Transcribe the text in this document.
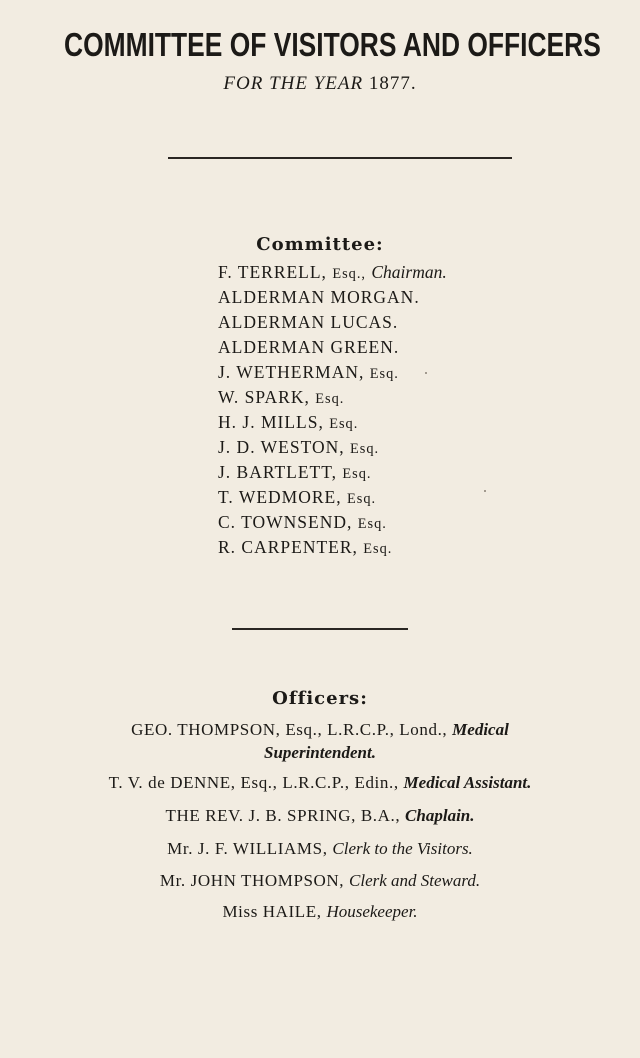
COMMITTEE OF VISITORS AND OFFICERS
FOR THE YEAR 1877.
Committee:
F. TERRELL, Esq., Chairman.
ALDERMAN MORGAN.
ALDERMAN LUCAS.
ALDERMAN GREEN.
J. WETHERMAN, Esq.
W. SPARK, Esq.
H. J. MILLS, Esq.
J. D. WESTON, Esq.
J. BARTLETT, Esq.
T. WEDMORE, Esq.
C. TOWNSEND, Esq.
R. CARPENTER, Esq.
Officers:
GEO. THOMPSON, Esq., L.R.C.P., Lond., Medical
Superintendent.
T. V. de DENNE, Esq., L.R.C.P., Edin., Medical Assistant.
THE REV. J. B. SPRING, B.A., Chaplain.
Mr. J. F. WILLIAMS, Clerk to the Visitors.
Mr. JOHN THOMPSON, Clerk and Steward.
Miss HAILE, Housekeeper.
